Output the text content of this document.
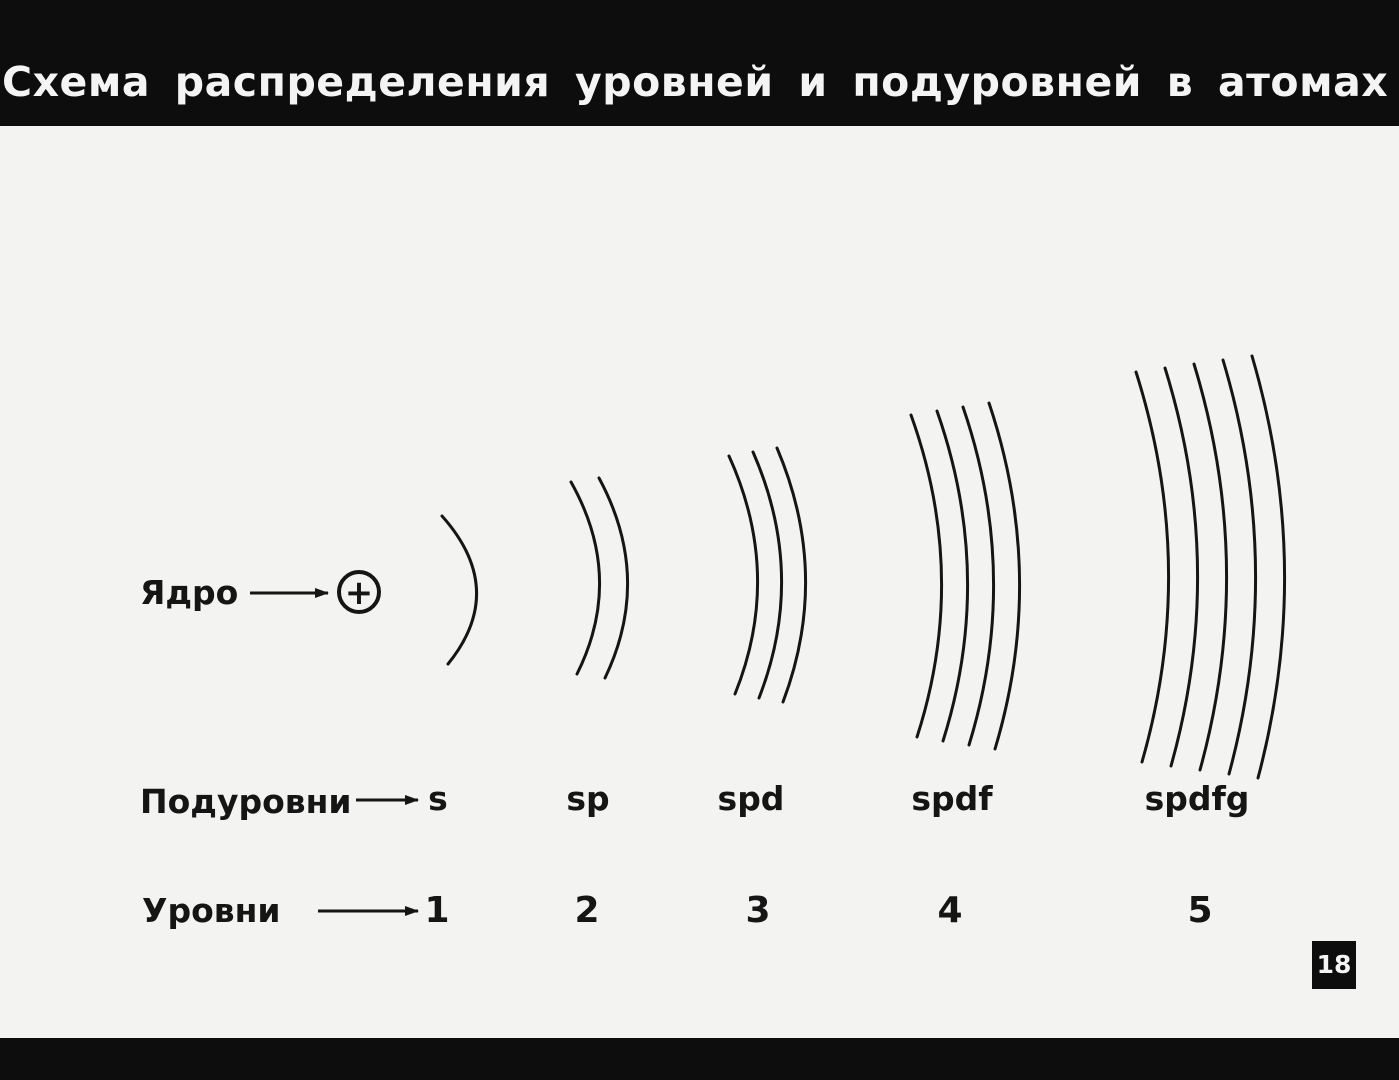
Схема распределения уровней и подуровней в атомах
Ядро	+
Подуровни s	sp	spd	spdf	spdfg
Уровни	1	2	3	4	5
18
